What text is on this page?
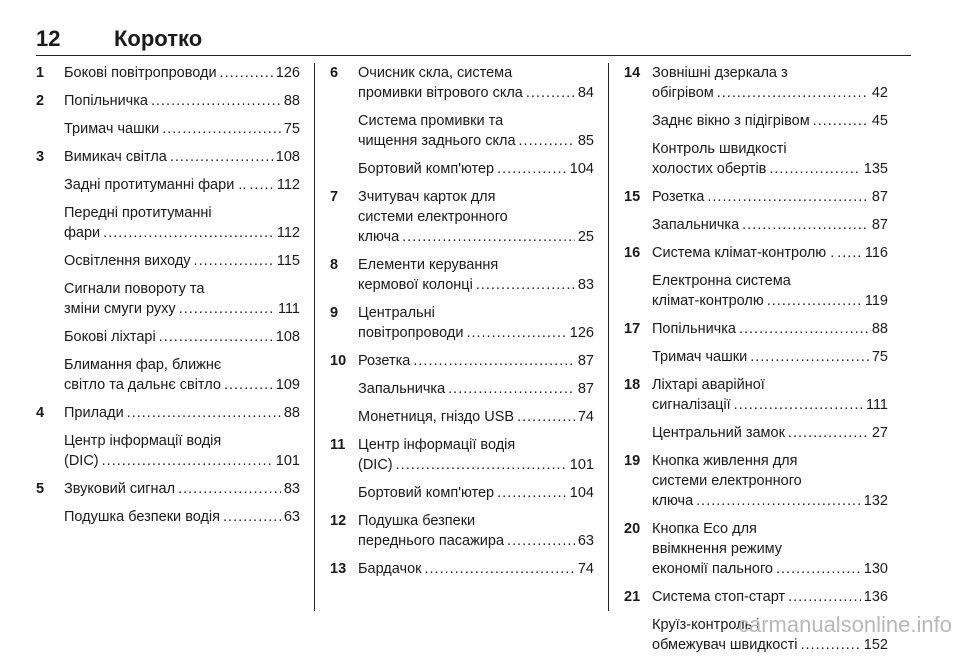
12 Коротко
1 Бокові повітропроводи .....	126
2 Попільничка .....	88
Тримач чашки .....	75
3 Вимикач світла .....	108
Задні протитуманні фари .. ..... 112
Передні протитуманні
фари .....	112
Освітлення виходу .....	115
Сигнали повороту та
зміни смуги руху .....	111
Бокові ліхтарі .....	108
Блимання фар, ближнє
світло та дальнє світло .....	109
4 Прилади .....	88
Центр інформації водія
(DIC) .....	101
5 Звуковий сигнал .....	83
Подушка безпеки водія .....	63
6 Очисник скла, система
промивки вітрового скла .....	84
Система промивки та
чищення заднього скла .....	85
Бортовий комп'ютер .....	104
7 Зчитувач карток для
системи електронного
ключа .....	25
8 Елементи керування
кермової колонці .....	83
9 Центральні
повітропроводи .....	126
10 Розетка .....	87
Запальничка .....	87
Монетниця, гніздо USB .....	74
11 Центр інформації водія
(DIC) .....	101
Бортовий комп'ютер .....	104
12 Подушка безпеки
переднього пасажира .....	63
13 Бардачок .....	74
14 Зовнішні дзеркала з
обігрівом .....	42
Заднє вікно з підігрівом .....	45
Контроль швидкості
холостих обертів .....	135
15 Розетка .....	87
Запальничка .....	87
16 Система клімат-контролю . ..... 116
Електронна система
клімат-контролю .....	119
17 Попільничка .....	88
Тримач чашки .....	75
18 Ліхтарі аварійної
сигналізації .....	111
Центральний замок .....	27
19 Кнопка живлення для
системи електронного
ключа .....	132
20 Кнопка Eco для
ввімкнення режиму
економії пального .....	130
21 Система стоп-старт .....	136
Круїз-контроль і
обмежувач швидкості .....	152
carmanualsonline.info
